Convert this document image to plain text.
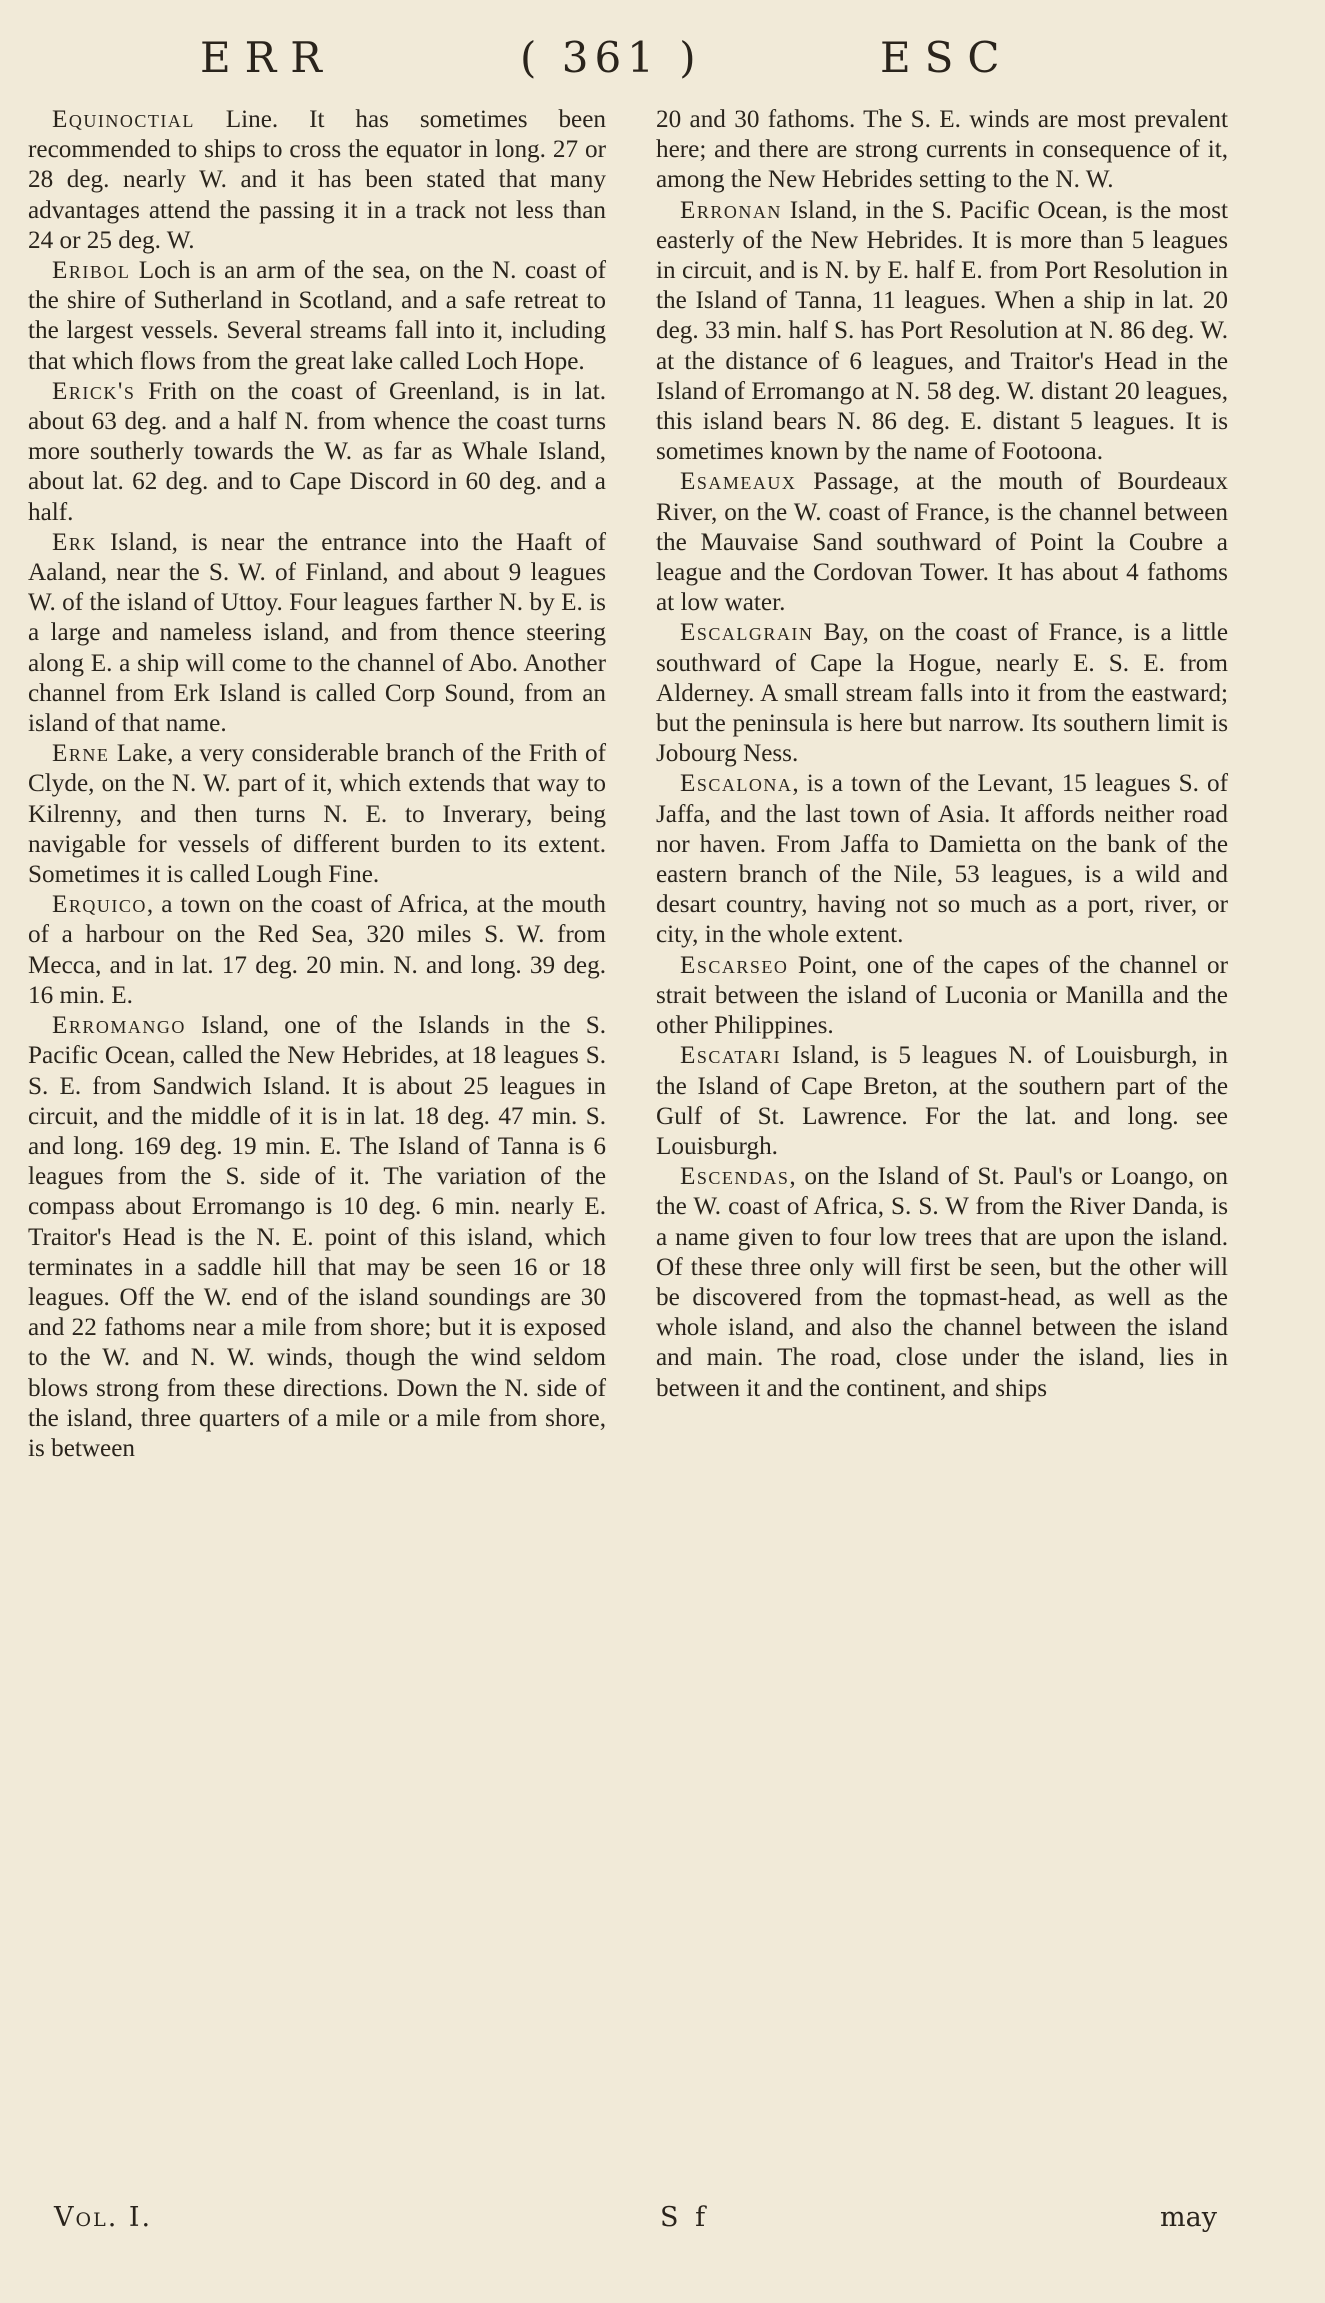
ERR	( 361 )	ESC

Equinoctial Line. It has sometimes been recommended to ships to cross the equator in long. 27 or 28 deg. nearly W. and it has been stated that many advantages attend the passing it in a track not less than 24 or 25 deg. W.

Eribol Loch is an arm of the sea, on the N. coast of the shire of Sutherland in Scotland, and a safe retreat to the largest vessels. Several streams fall into it, including that which flows from the great lake called Loch Hope.

Erick's Frith on the coast of Greenland, is in lat. about 63 deg. and a half N. from whence the coast turns more southerly towards the W. as far as Whale Island, about lat. 62 deg. and to Cape Discord in 60 deg. and a half.

Erk Island, is near the entrance into the Haaft of Aaland, near the S. W. of Finland, and about 9 leagues W. of the island of Uttoy. Four leagues farther N. by E. is a large and nameless island, and from thence steering along E. a ship will come to the channel of Abo. Another channel from Erk Island is called Corp Sound, from an island of that name.

Erne Lake, a very considerable branch of the Frith of Clyde, on the N. W. part of it, which extends that way to Kilrenny, and then turns N. E. to Inverary, being navigable for vessels of different burden to its extent. Sometimes it is called Lough Fine.

Erquico, a town on the coast of Africa, at the mouth of a harbour on the Red Sea, 320 miles S. W. from Mecca, and in lat. 17 deg. 20 min. N. and long. 39 deg. 16 min. E.

Erromango Island, one of the Islands in the S. Pacific Ocean, called the New Hebrides, at 18 leagues S. S. E. from Sandwich Island. It is about 25 leagues in circuit, and the middle of it is in lat. 18 deg. 47 min. S. and long. 169 deg. 19 min. E. The Island of Tanna is 6 leagues from the S. side of it. The variation of the compass about Erromango is 10 deg. 6 min. nearly E. Traitor's Head is the N. E. point of this island, which terminates in a saddle hill that may be seen 16 or 18 leagues. Off the W. end of the island soundings are 30 and 22 fathoms near a mile from shore; but it is exposed to the W. and N. W. winds, though the wind seldom blows strong from these directions. Down the N. side of the island, three quarters of a mile or a mile from shore, is between

20 and 30 fathoms. The S. E. winds are most prevalent here; and there are strong currents in consequence of it, among the New Hebrides setting to the N. W.

Erronan Island, in the S. Pacific Ocean, is the most easterly of the New Hebrides. It is more than 5 leagues in circuit, and is N. by E. half E. from Port Resolution in the Island of Tanna, 11 leagues. When a ship in lat. 20 deg. 33 min. half S. has Port Resolution at N. 86 deg. W. at the distance of 6 leagues, and Traitor's Head in the Island of Erromango at N. 58 deg. W. distant 20 leagues, this island bears N. 86 deg. E. distant 5 leagues. It is sometimes known by the name of Footoona.

Esameaux Passage, at the mouth of Bourdeaux River, on the W. coast of France, is the channel between the Mauvaise Sand southward of Point la Coubre a league and the Cordovan Tower. It has about 4 fathoms at low water.

Escalgrain Bay, on the coast of France, is a little southward of Cape la Hogue, nearly E. S. E. from Alderney. A small stream falls into it from the eastward; but the peninsula is here but narrow. Its southern limit is Jobourg Ness.

Escalona, is a town of the Levant, 15 leagues S. of Jaffa, and the last town of Asia. It affords neither road nor haven. From Jaffa to Damietta on the bank of the eastern branch of the Nile, 53 leagues, is a wild and desart country, having not so much as a port, river, or city, in the whole extent.

Escarseo Point, one of the capes of the channel or strait between the island of Luconia or Manilla and the other Philippines.

Escatari Island, is 5 leagues N. of Louisburgh, in the Island of Cape Breton, at the southern part of the Gulf of St. Lawrence. For the lat. and long. see Louisburgh.

Escendas, on the Island of St. Paul's or Loango, on the W. coast of Africa, S. S. W from the River Danda, is a name given to four low trees that are upon the island. Of these three only will first be seen, but the other will be discovered from the topmast-head, as well as the whole island, and also the channel between the island and main. The road, close under the island, lies in between it and the continent, and ships

Vol. I.	S f	may
